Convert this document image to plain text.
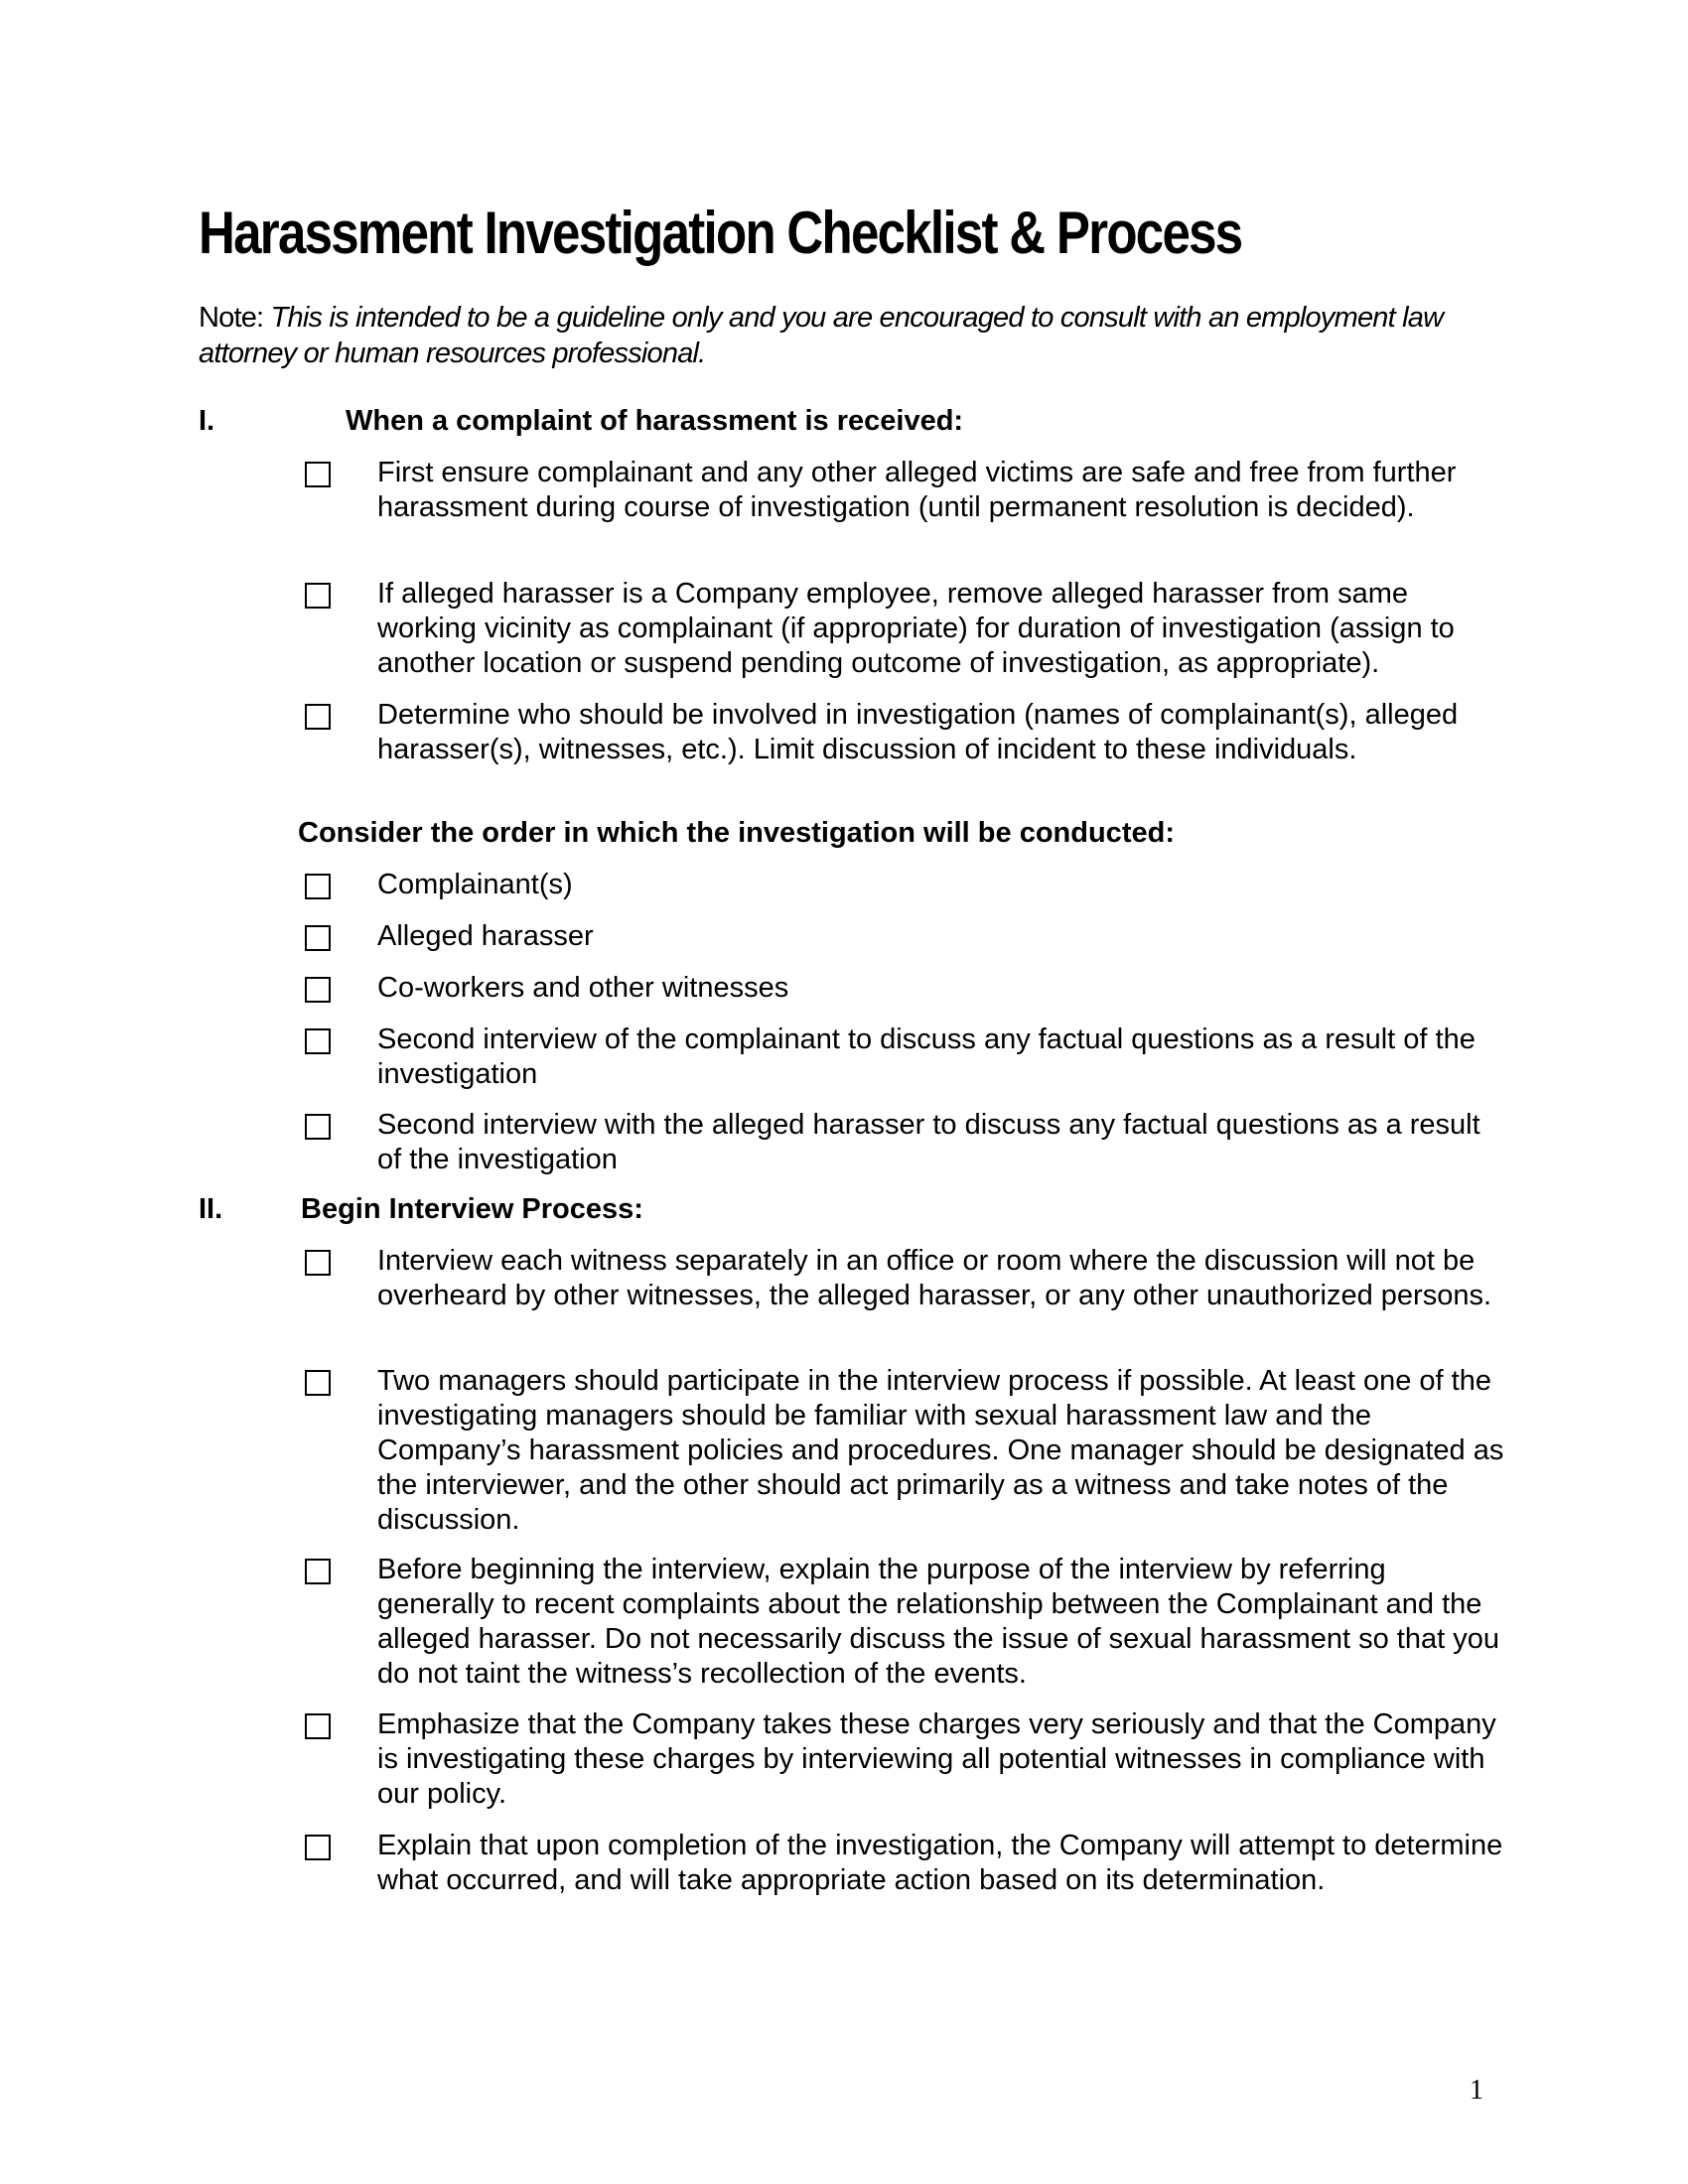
Harassment Investigation Checklist & Process
Note: This is intended to be a guideline only and you are encouraged to consult with an employment law attorney or human resources professional.
I.	When a complaint of harassment is received:
First ensure complainant and any other alleged victims are safe and free from further harassment during course of investigation (until permanent resolution is decided).
If alleged harasser is a Company employee, remove alleged harasser from same working vicinity as complainant (if appropriate) for duration of investigation (assign to another location or suspend pending outcome of investigation, as appropriate).
Determine who should be involved in investigation (names of complainant(s), alleged harasser(s), witnesses, etc.). Limit discussion of incident to these individuals.
Consider the order in which the investigation will be conducted:
Complainant(s)
Alleged harasser
Co-workers and other witnesses
Second interview of the complainant to discuss any factual questions as a result of the investigation
Second interview with the alleged harasser to discuss any factual questions as a result of the investigation
II.	Begin Interview Process:
Interview each witness separately in an office or room where the discussion will not be overheard by other witnesses, the alleged harasser, or any other unauthorized persons.
Two managers should participate in the interview process if possible. At least one of the investigating managers should be familiar with sexual harassment law and the Company’s harassment policies and procedures. One manager should be designated as the interviewer, and the other should act primarily as a witness and take notes of the discussion.
Before beginning the interview, explain the purpose of the interview by referring generally to recent complaints about the relationship between the Complainant and the alleged harasser. Do not necessarily discuss the issue of sexual harassment so that you do not taint the witness’s recollection of the events.
Emphasize that the Company takes these charges very seriously and that the Company is investigating these charges by interviewing all potential witnesses in compliance with our policy.
Explain that upon completion of the investigation, the Company will attempt to determine what occurred, and will take appropriate action based on its determination.
1
